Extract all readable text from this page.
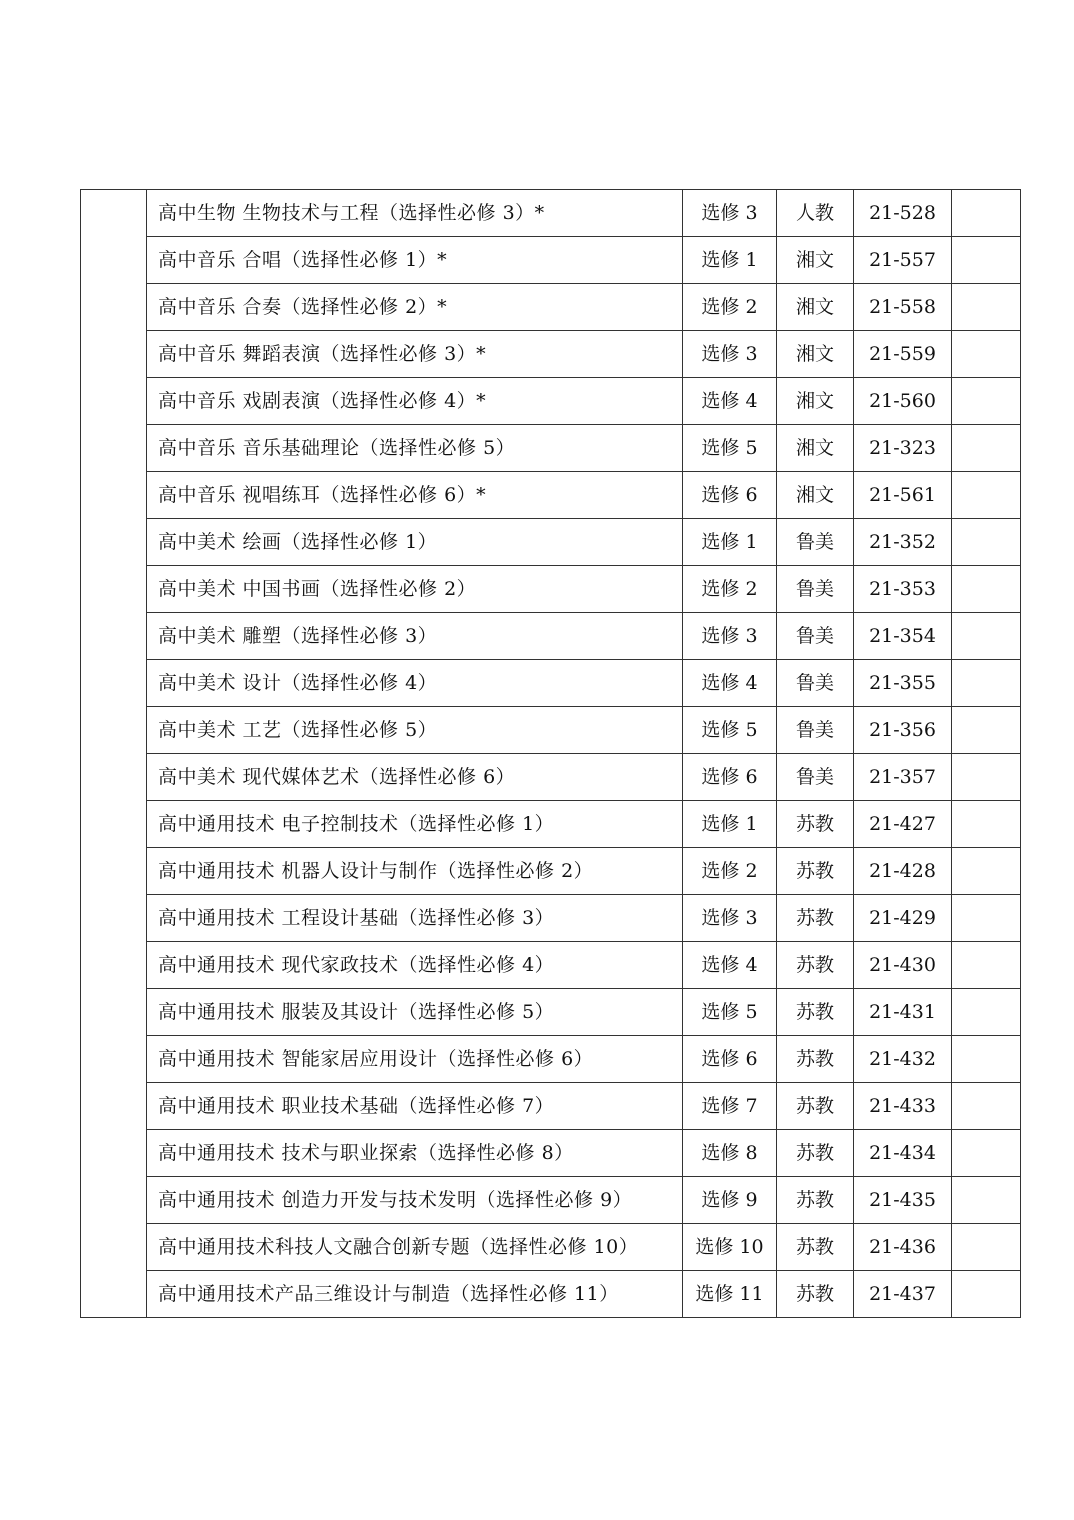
	高中生物 生物技术与工程（选择性必修 3）*	选修 3	人教	21-528	
	高中音乐 合唱（选择性必修 1）*	选修 1	湘文	21-557	
	高中音乐 合奏（选择性必修 2）*	选修 2	湘文	21-558	
	高中音乐 舞蹈表演（选择性必修 3）*	选修 3	湘文	21-559	
	高中音乐 戏剧表演（选择性必修 4）*	选修 4	湘文	21-560	
	高中音乐 音乐基础理论（选择性必修 5）	选修 5	湘文	21-323	
	高中音乐 视唱练耳（选择性必修 6）*	选修 6	湘文	21-561	
	高中美术 绘画（选择性必修 1）	选修 1	鲁美	21-352	
	高中美术 中国书画（选择性必修 2）	选修 2	鲁美	21-353	
	高中美术 雕塑（选择性必修 3）	选修 3	鲁美	21-354	
	高中美术 设计（选择性必修 4）	选修 4	鲁美	21-355	
	高中美术 工艺（选择性必修 5）	选修 5	鲁美	21-356	
	高中美术 现代媒体艺术（选择性必修 6）	选修 6	鲁美	21-357	
	高中通用技术 电子控制技术（选择性必修 1）	选修 1	苏教	21-427	
	高中通用技术 机器人设计与制作（选择性必修 2）	选修 2	苏教	21-428	
	高中通用技术 工程设计基础（选择性必修 3）	选修 3	苏教	21-429	
	高中通用技术 现代家政技术（选择性必修 4）	选修 4	苏教	21-430	
	高中通用技术 服装及其设计（选择性必修 5）	选修 5	苏教	21-431	
	高中通用技术 智能家居应用设计（选择性必修 6）	选修 6	苏教	21-432	
	高中通用技术 职业技术基础（选择性必修 7）	选修 7	苏教	21-433	
	高中通用技术 技术与职业探索（选择性必修 8）	选修 8	苏教	21-434	
	高中通用技术 创造力开发与技术发明（选择性必修 9）	选修 9	苏教	21-435	
	高中通用技术科技人文融合创新专题（选择性必修 10）	选修 10	苏教	21-436	
	高中通用技术产品三维设计与制造（选择性必修 11）	选修 11	苏教	21-437	
